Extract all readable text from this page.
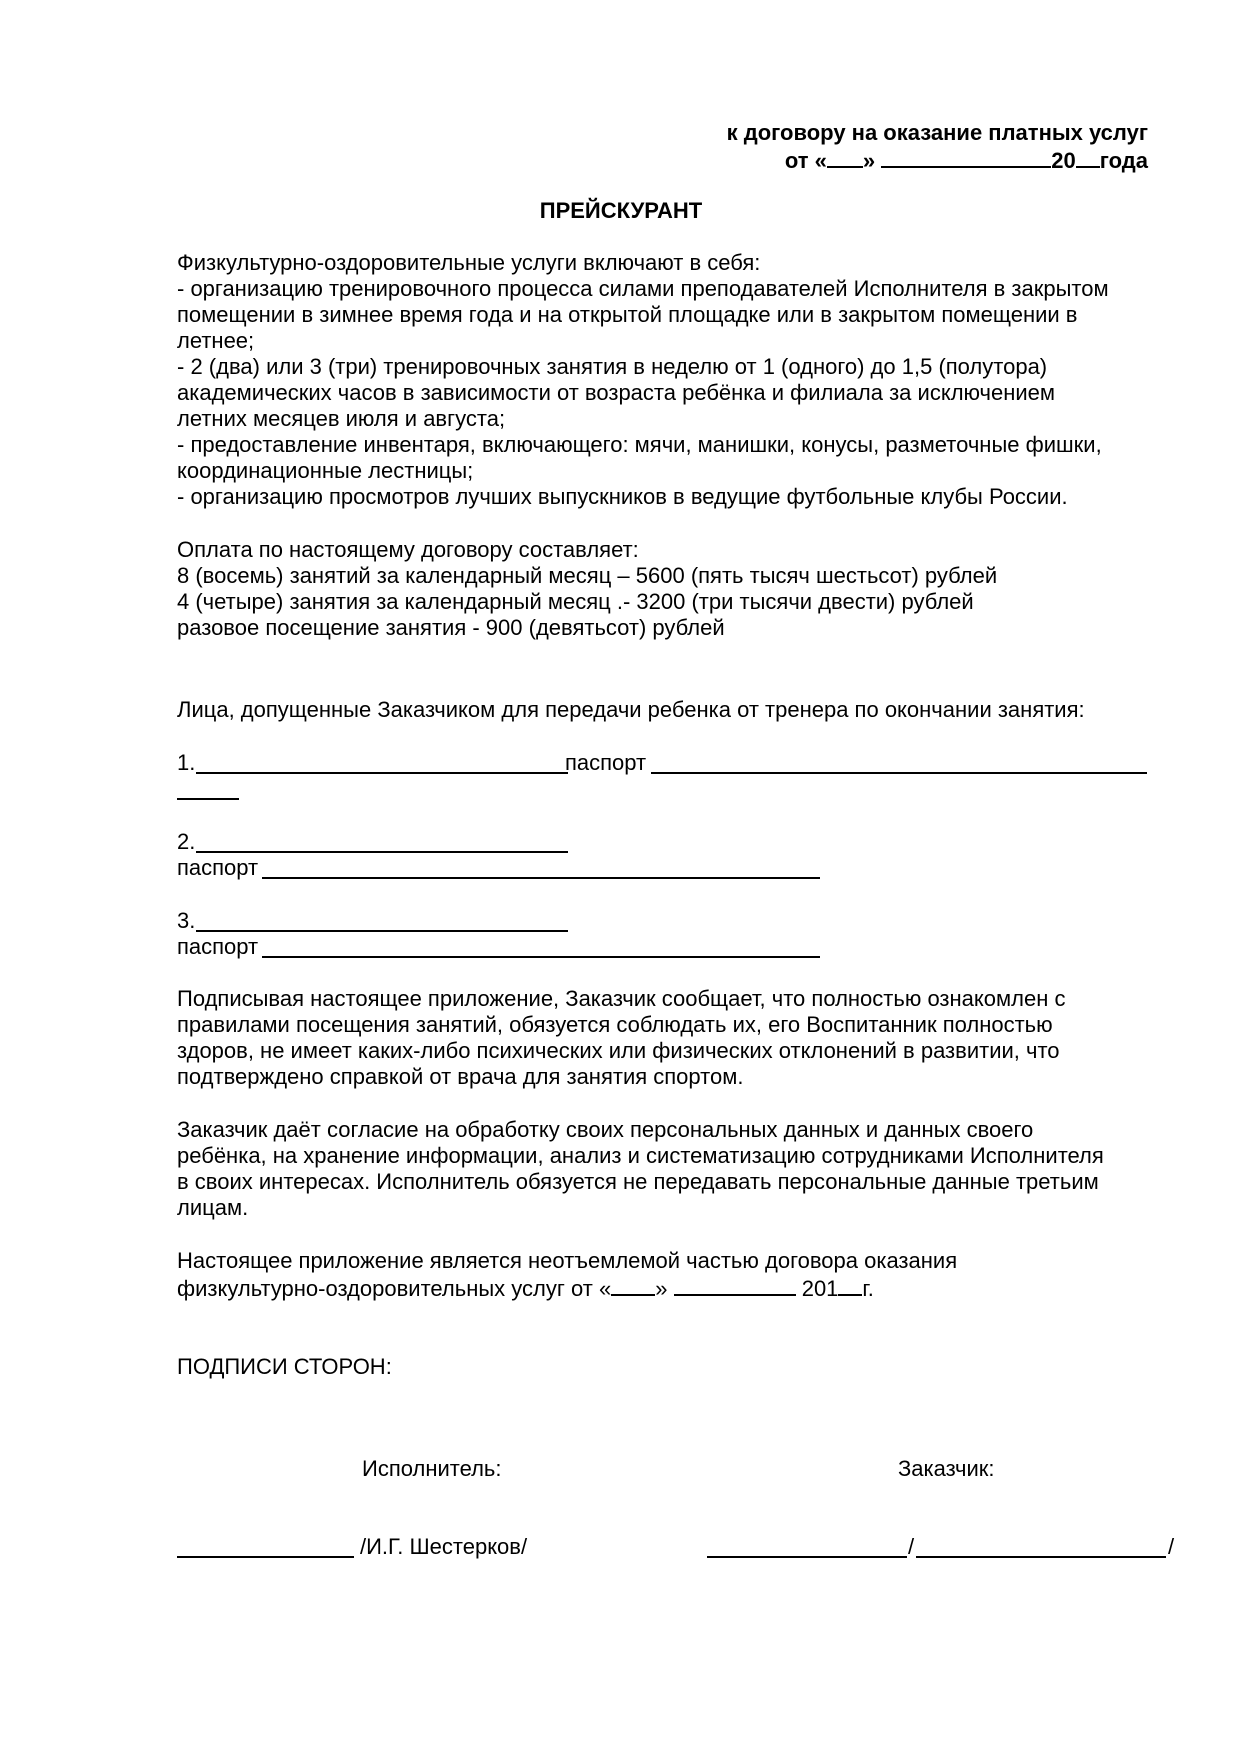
к договору на оказание платных услуг
от « »	20 года
ПРЕЙСКУРАНТ
Физкультурно-оздоровительные услуги включают в себя:
- организацию тренировочного процесса силами преподавателей Исполнителя в закрытом
помещении в зимнее время года и на открытой площадке или в закрытом помещении в
летнее;
- 2 (два) или 3 (три) тренировочных занятия в неделю от 1 (одного) до 1,5 (полутора)
академических часов в зависимости от возраста ребёнка и филиала за исключением
летних месяцев июля и августа;
- предоставление инвентаря, включающего: мячи, манишки, конусы, разметочные фишки,
координационные лестницы;
- организацию просмотров лучших выпускников в ведущие футбольные клубы России.
Оплата по настоящему договору составляет:
8 (восемь) занятий за календарный месяц – 5600 (пять тысяч шестьсот) рублей
4 (четыре) занятия за календарный месяц .- 3200 (три тысячи двести) рублей
разовое посещение занятия - 900 (девятьсот) рублей
Лица, допущенные Заказчиком для передачи ребенка от тренера по окончании занятия:
1.	паспорт
2.
паспорт
3.
паспорт
Подписывая настоящее приложение, Заказчик сообщает, что полностью ознакомлен с
правилами посещения занятий, обязуется соблюдать их, его Воспитанник полностью
здоров, не имеет каких-либо психических или физических отклонений в развитии, что
подтверждено справкой от врача для занятия спортом.
Заказчик даёт согласие на обработку своих персональных данных и данных своего
ребёнка, на хранение информации, анализ и систематизацию сотрудниками Исполнителя
в своих интересах. Исполнитель обязуется не передавать персональные данные третьим
лицам.
Настоящее приложение является неотъемлемой частью договора оказания
физкультурно-оздоровительных услуг от « »	201 г.
ПОДПИСИ СТОРОН:
Исполнитель:	Заказчик:
/И.Г. Шестерков/	/	/
